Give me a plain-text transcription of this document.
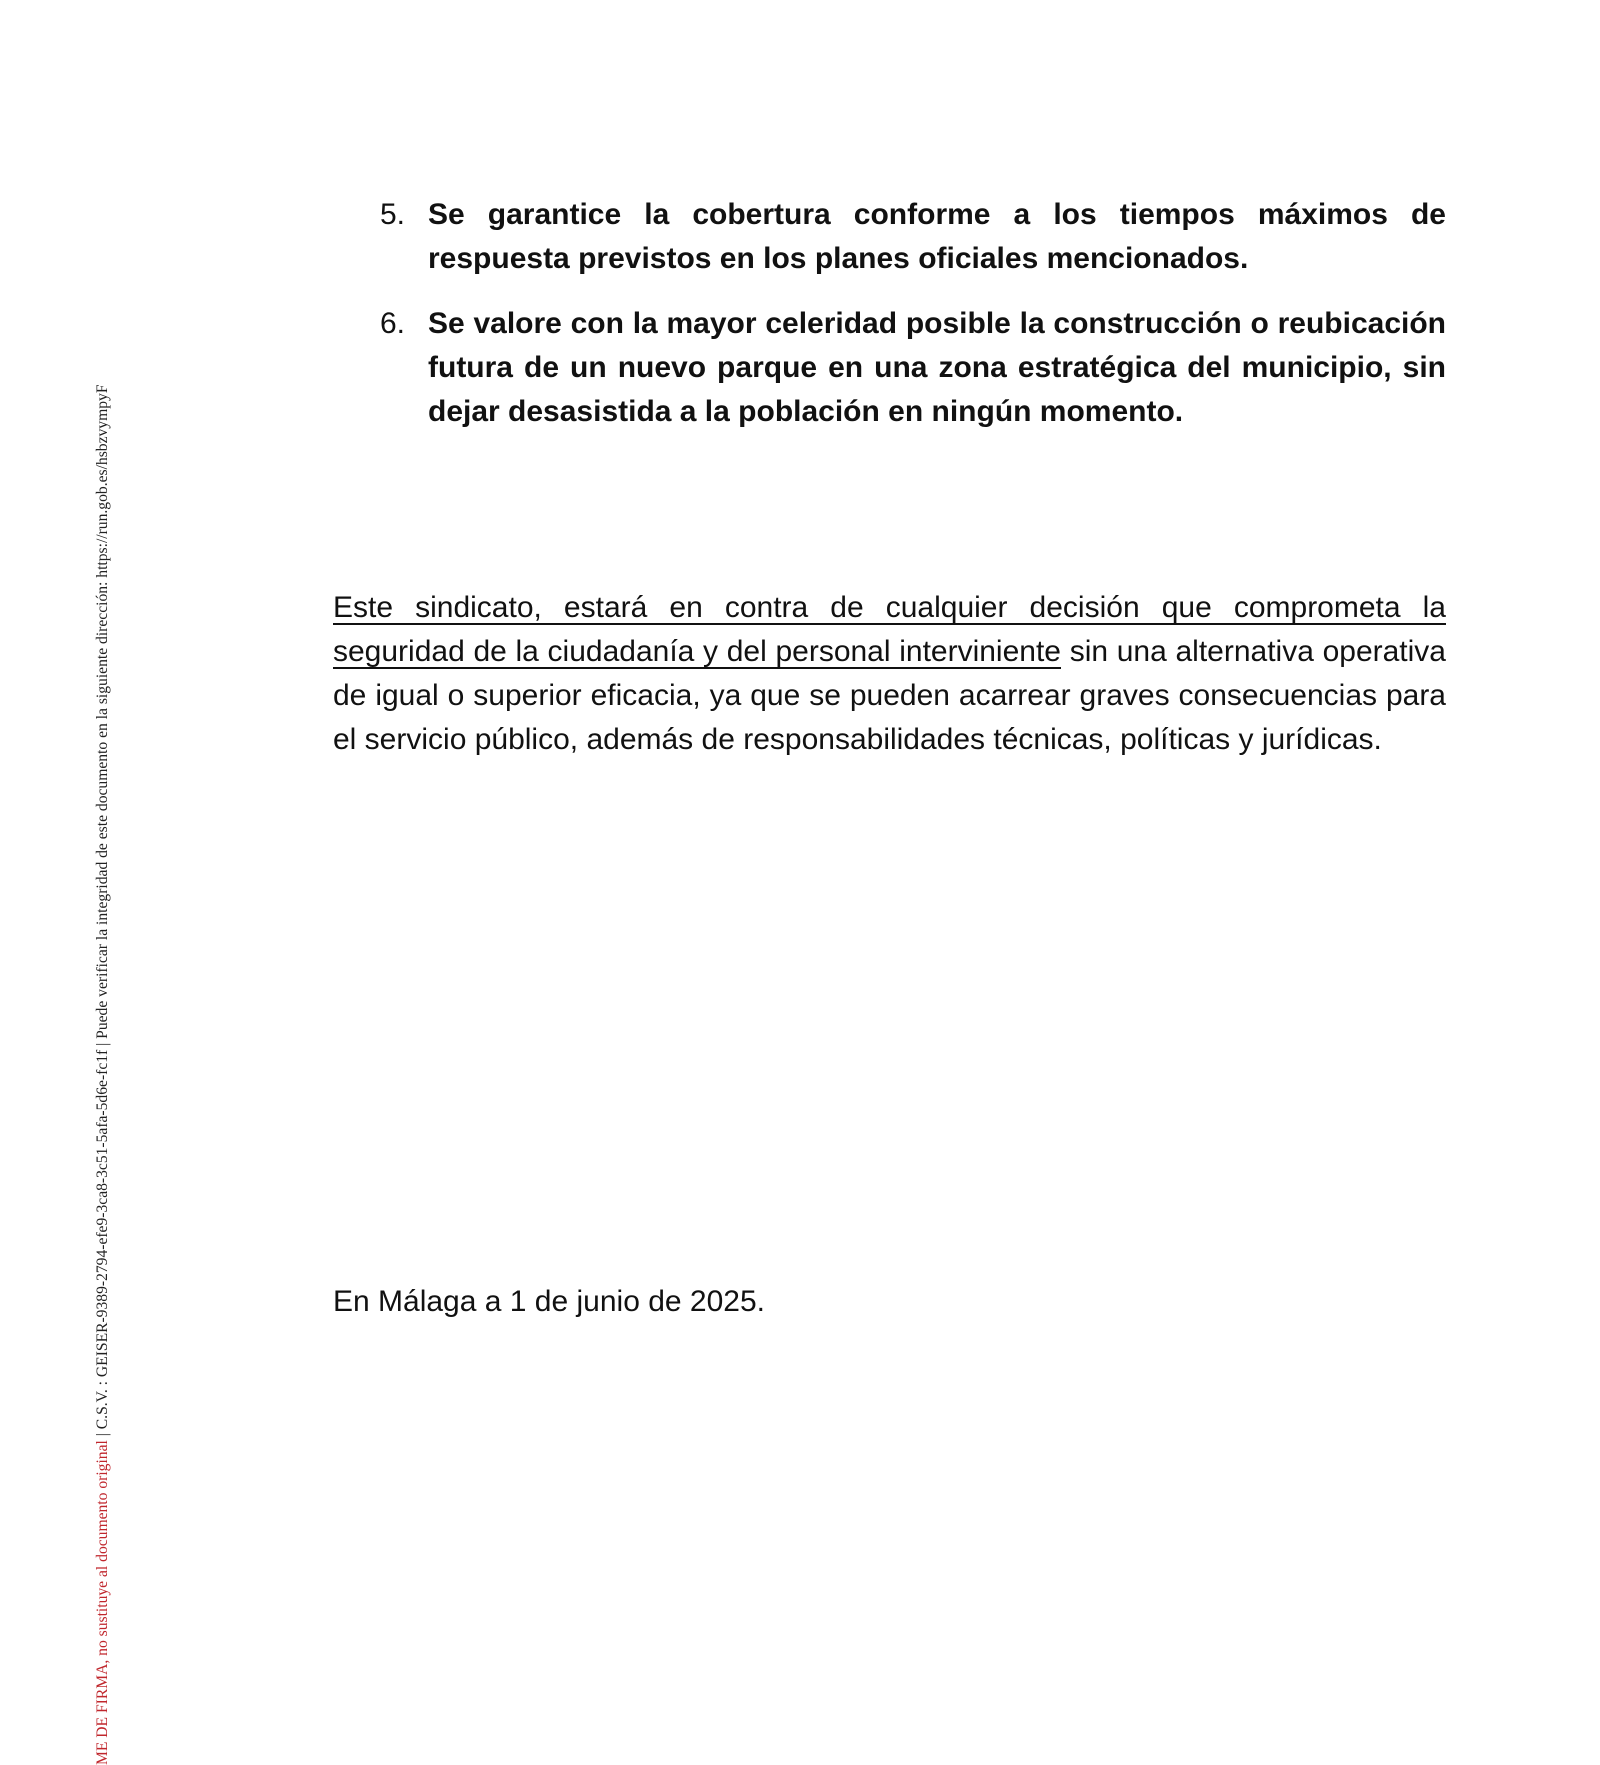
ME DE FIRMA, no sustituye al documento original | C.S.V. : GEISER-9389-2794-efe9-3ca8-3c51-5afa-5d6e-fc1f | Puede verificar la integridad de este documento en la siguiente dirección: https://run.gob.es/hsbzvympyF
5. Se garantice la cobertura conforme a los tiempos máximos de respuesta previstos en los planes oficiales mencionados.
6. Se valore con la mayor celeridad posible la construcción o reubicación futura de un nuevo parque en una zona estratégica del municipio, sin dejar desasistida a la población en ningún momento.

Este sindicato, estará en contra de cualquier decisión que comprometa la seguridad de la ciudadanía y del personal interviniente sin una alternativa operativa de igual o superior eficacia, ya que se pueden acarrear graves consecuencias para el servicio público, además de responsabilidades técnicas, políticas y jurídicas.

En Málaga a 1 de junio de 2025.
